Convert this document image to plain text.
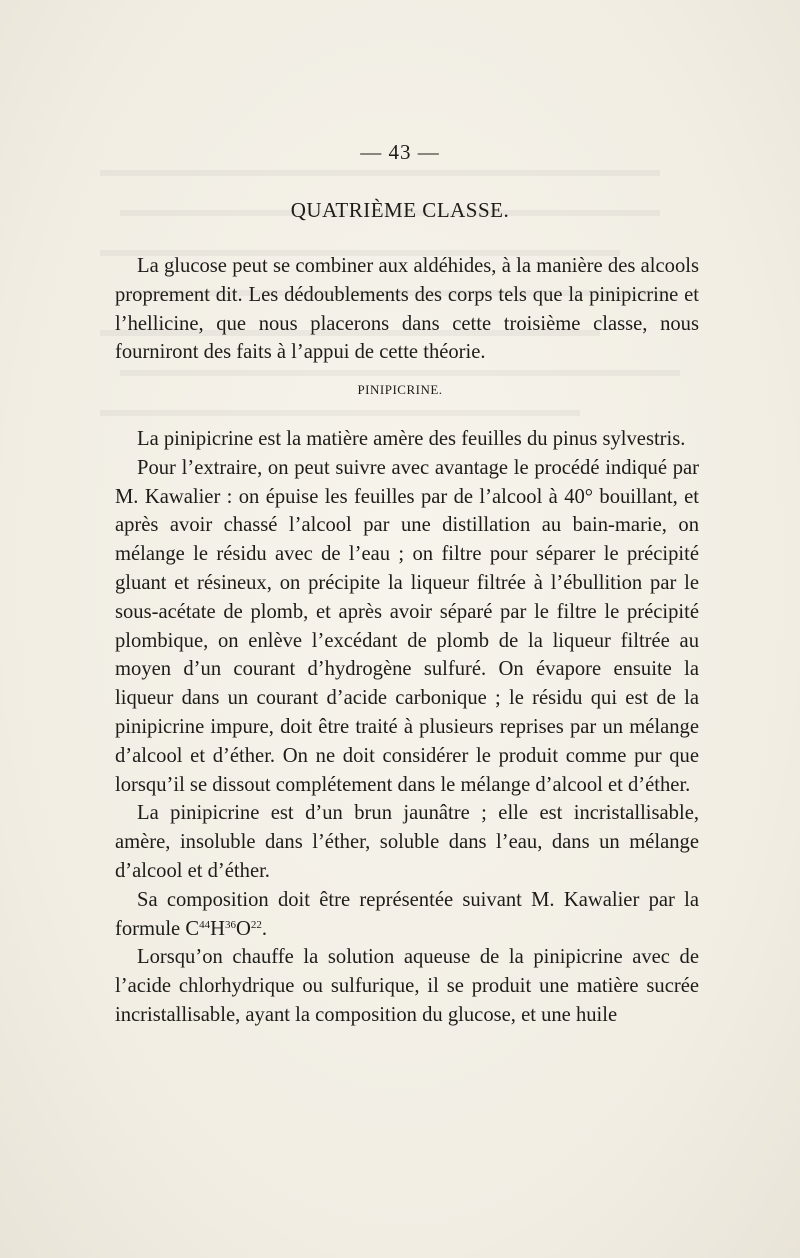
— 43 —
QUATRIÈME CLASSE.

La glucose peut se combiner aux aldéhides, à la manière des alcools proprement dit. Les dédoublements des corps tels que la pinipicrine et l’hellicine, que nous placerons dans cette troisième classe, nous fourniront des faits à l’appui de cette théorie.

PINIPICRINE.

La pinipicrine est la matière amère des feuilles du pinus sylvestris.

Pour l’extraire, on peut suivre avec avantage le procédé indiqué par M. Kawalier : on épuise les feuilles par de l’alcool à 40° bouillant, et après avoir chassé l’alcool par une distillation au bain-marie, on mélange le résidu avec de l’eau ; on filtre pour séparer le précipité gluant et résineux, on précipite la liqueur filtrée à l’ébullition par le sous-acétate de plomb, et après avoir séparé par le filtre le précipité plombique, on enlève l’excédant de plomb de la liqueur filtrée au moyen d’un courant d’hydrogène sulfuré. On évapore ensuite la liqueur dans un courant d’acide carbonique ; le résidu qui est de la pinipicrine impure, doit être traité à plusieurs reprises par un mélange d’alcool et d’éther. On ne doit considérer le produit comme pur que lorsqu’il se dissout complétement dans le mélange d’alcool et d’éther.

La pinipicrine est d’un brun jaunâtre ; elle est incristallisable, amère, insoluble dans l’éther, soluble dans l’eau, dans un mélange d’alcool et d’éther.

Sa composition doit être représentée suivant M. Kawalier par la formule $C^{44}H^{36}O^{22}$.

Lorsqu’on chauffe la solution aqueuse de la pinipicrine avec de l’acide chlorhydrique ou sulfurique, il se produit une matière sucrée incristallisable, ayant la composition du glucose, et une huile
